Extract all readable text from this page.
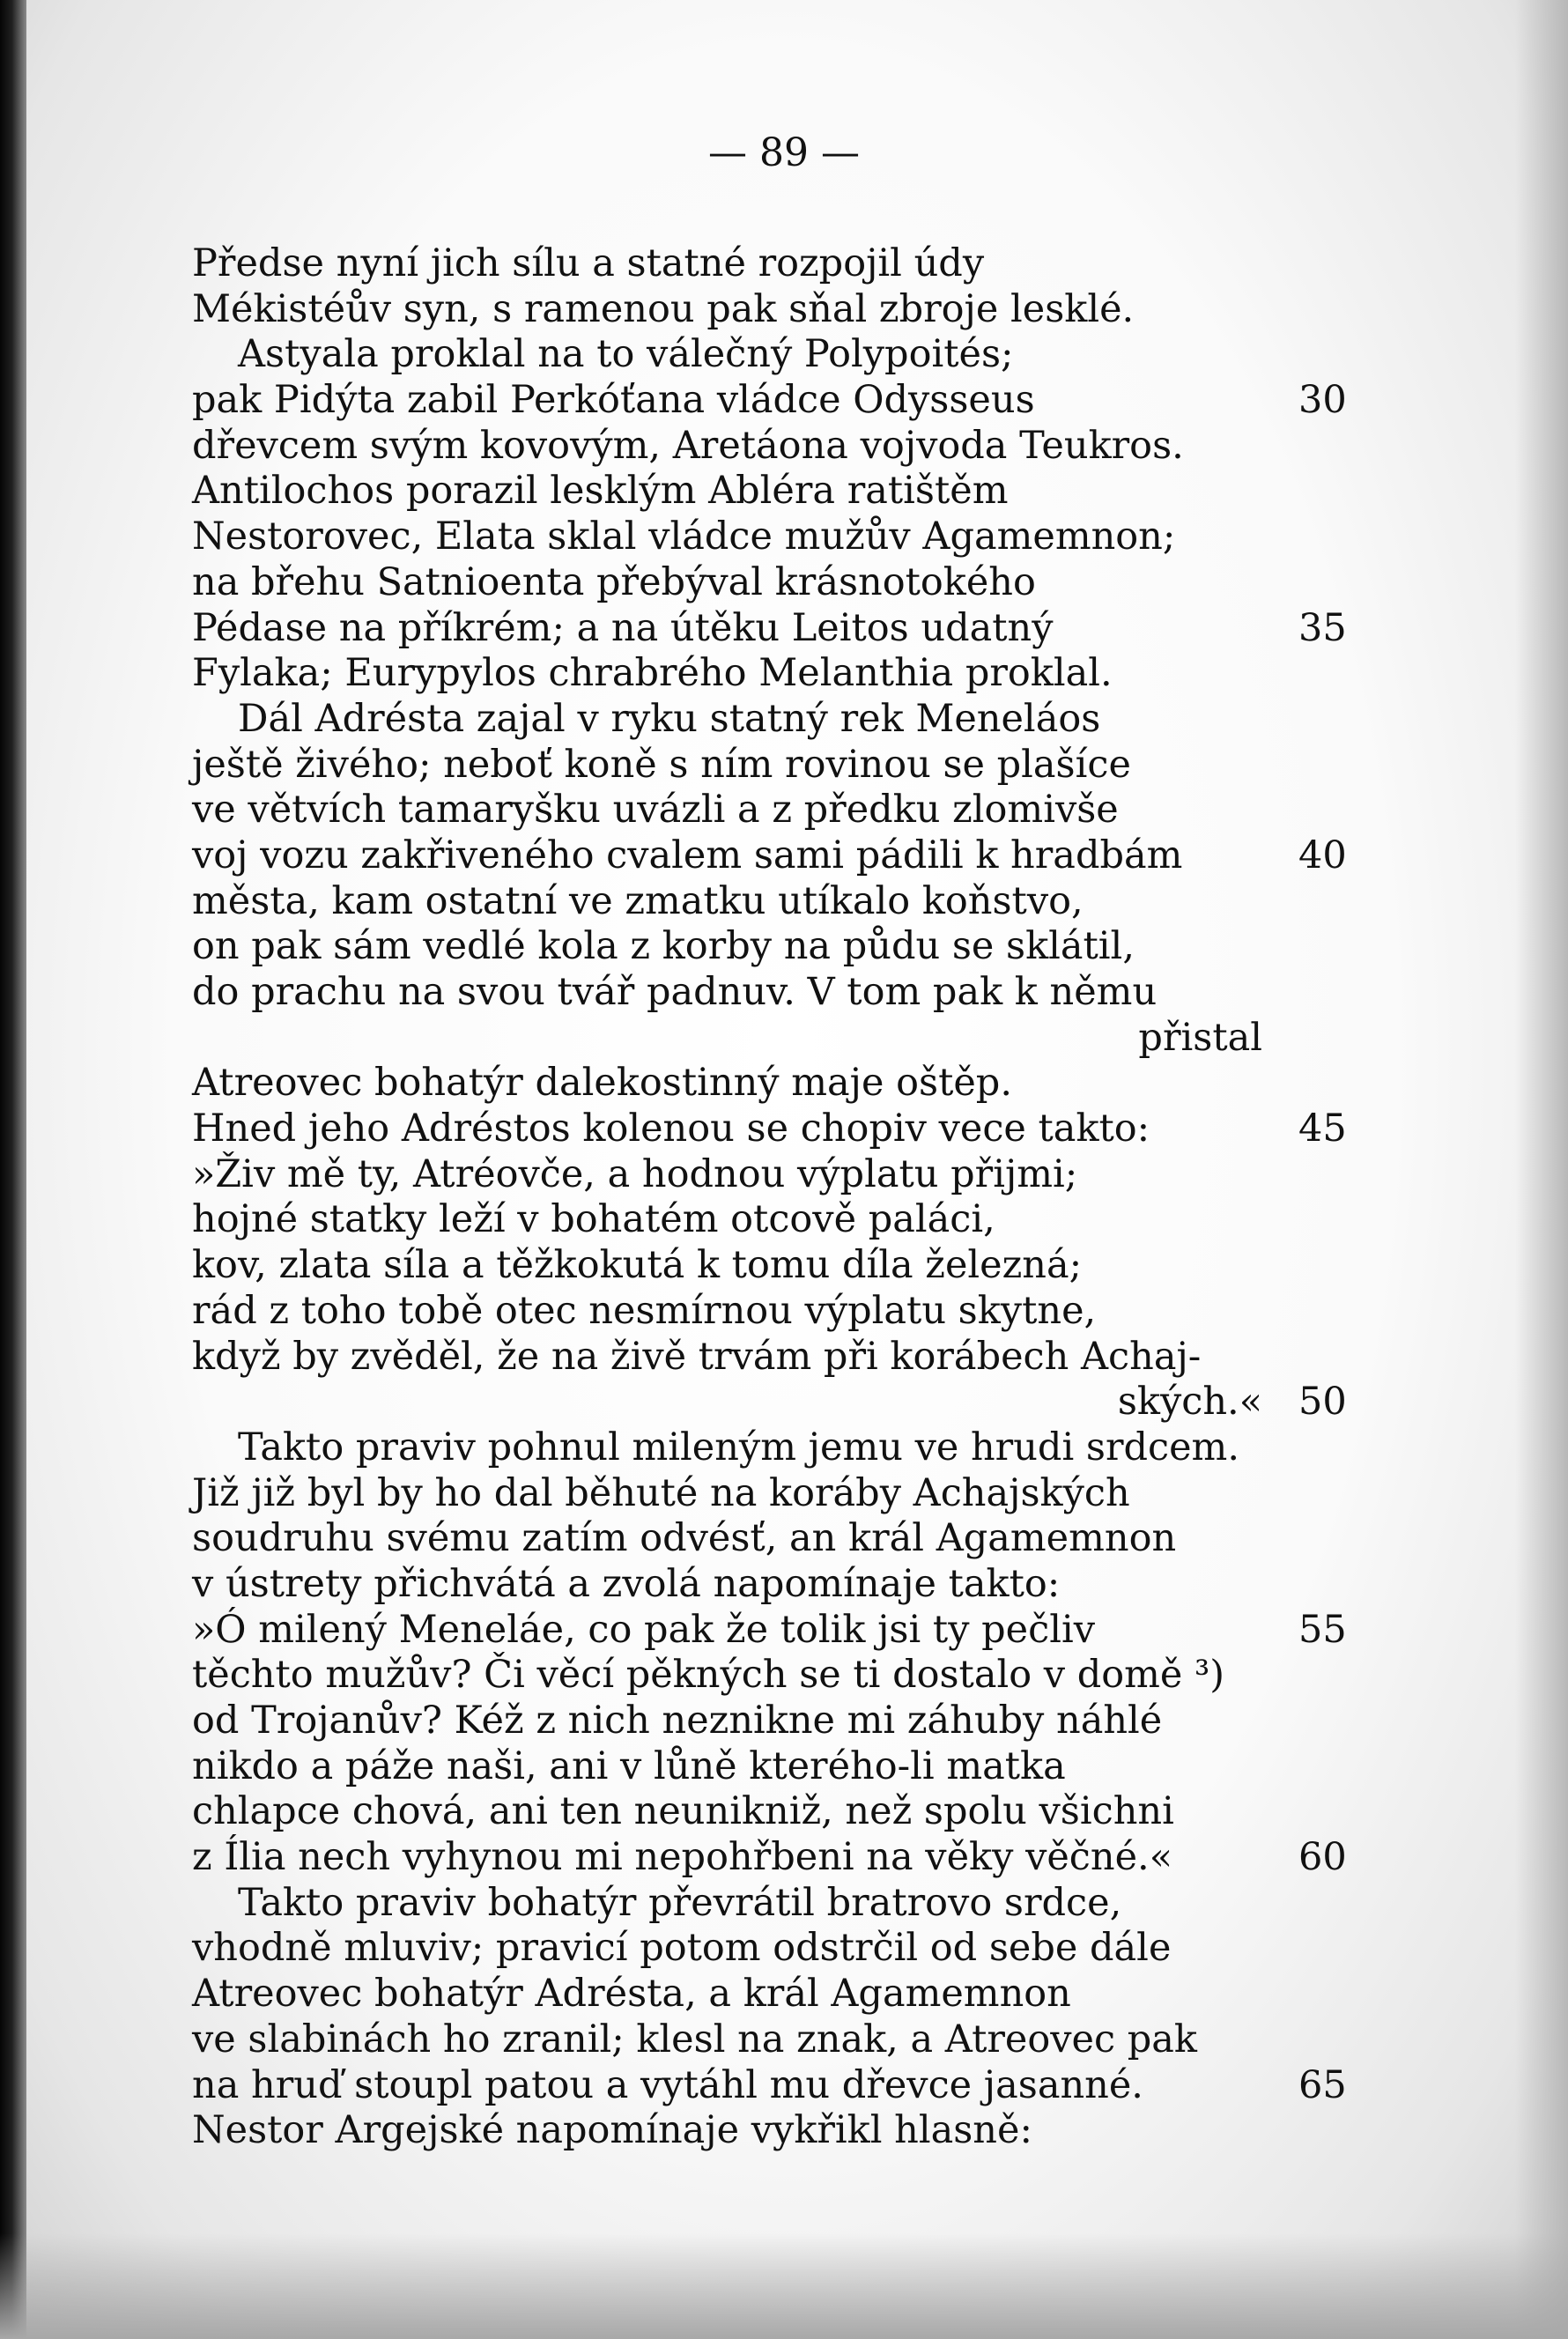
— 89 —
Předse nyní jich sílu a statné rozpojil údy
Mékistéův syn, s ramenou pak sňal zbroje lesklé.
Astyala proklal na to válečný Polypoités;
pak Pidýta zabil Perkóťana vládce Odysseus	30
dřevcem svým kovovým, Aretáona vojvoda Teukros.
Antilochos porazil lesklým Abléra ratištěm
Nestorovec, Elata sklal vládce mužův Agamemnon;
na břehu Satnioenta přebýval krásnotokého
Pédase na příkrém; a na útěku Leitos udatný	35
Fylaka; Eurypylos chrabrého Melanthia proklal.
Dál Adrésta zajal v ryku statný rek Meneláos
ještě živého; neboť koně s ním rovinou se plašíce
ve větvích tamaryšku uvázli a z předku zlomivše
voj vozu zakřiveného cvalem sami pádili k hradbám	40
města, kam ostatní ve zmatku utíkalo koňstvo,
on pak sám vedlé kola z korby na půdu se sklátil,
do prachu na svou tvář padnuv. V tom pak k němu
přistal
Atreovec bohatýr dalekostinný maje oštěp.
Hned jeho Adréstos kolenou se chopiv vece takto:	45
»Živ mě ty, Atréovče, a hodnou výplatu přijmi;
hojné statky leží v bohatém otcově paláci,
kov, zlata síla a těžkokutá k tomu díla železná;
rád z toho tobě otec nesmírnou výplatu skytne,
když by zvěděl, že na živě trvám při korábech Achaj-
ských.« 50
Takto praviv pohnul mileným jemu ve hrudi srdcem.
Již již byl by ho dal běhuté na koráby Achajských
soudruhu svému zatím odvésť, an král Agamemnon
v ústrety přichvátá a zvolá napomínaje takto:
»Ó milený Meneláe, co pak že tolik jsi ty pečliv	55
těchto mužův? Či věcí pěkných se ti dostalo v domě ³)
od Trojanův? Kéž z nich neznikne mi záhuby náhlé
nikdo a páže naši, ani v lůně kterého-li matka
chlapce chová, ani ten neunikniž, než spolu všichni
z Ília nech vyhynou mi nepohřbeni na věky věčné.«	60
Takto praviv bohatýr převrátil bratrovo srdce,
vhodně mluviv; pravicí potom odstrčil od sebe dále
Atreovec bohatýr Adrésta, a král Agamemnon
ve slabinách ho zranil; klesl na znak, a Atreovec pak
na hruď stoupl patou a vytáhl mu dřevce jasanné.	65
Nestor Argejské napomínaje vykřikl hlasně:
